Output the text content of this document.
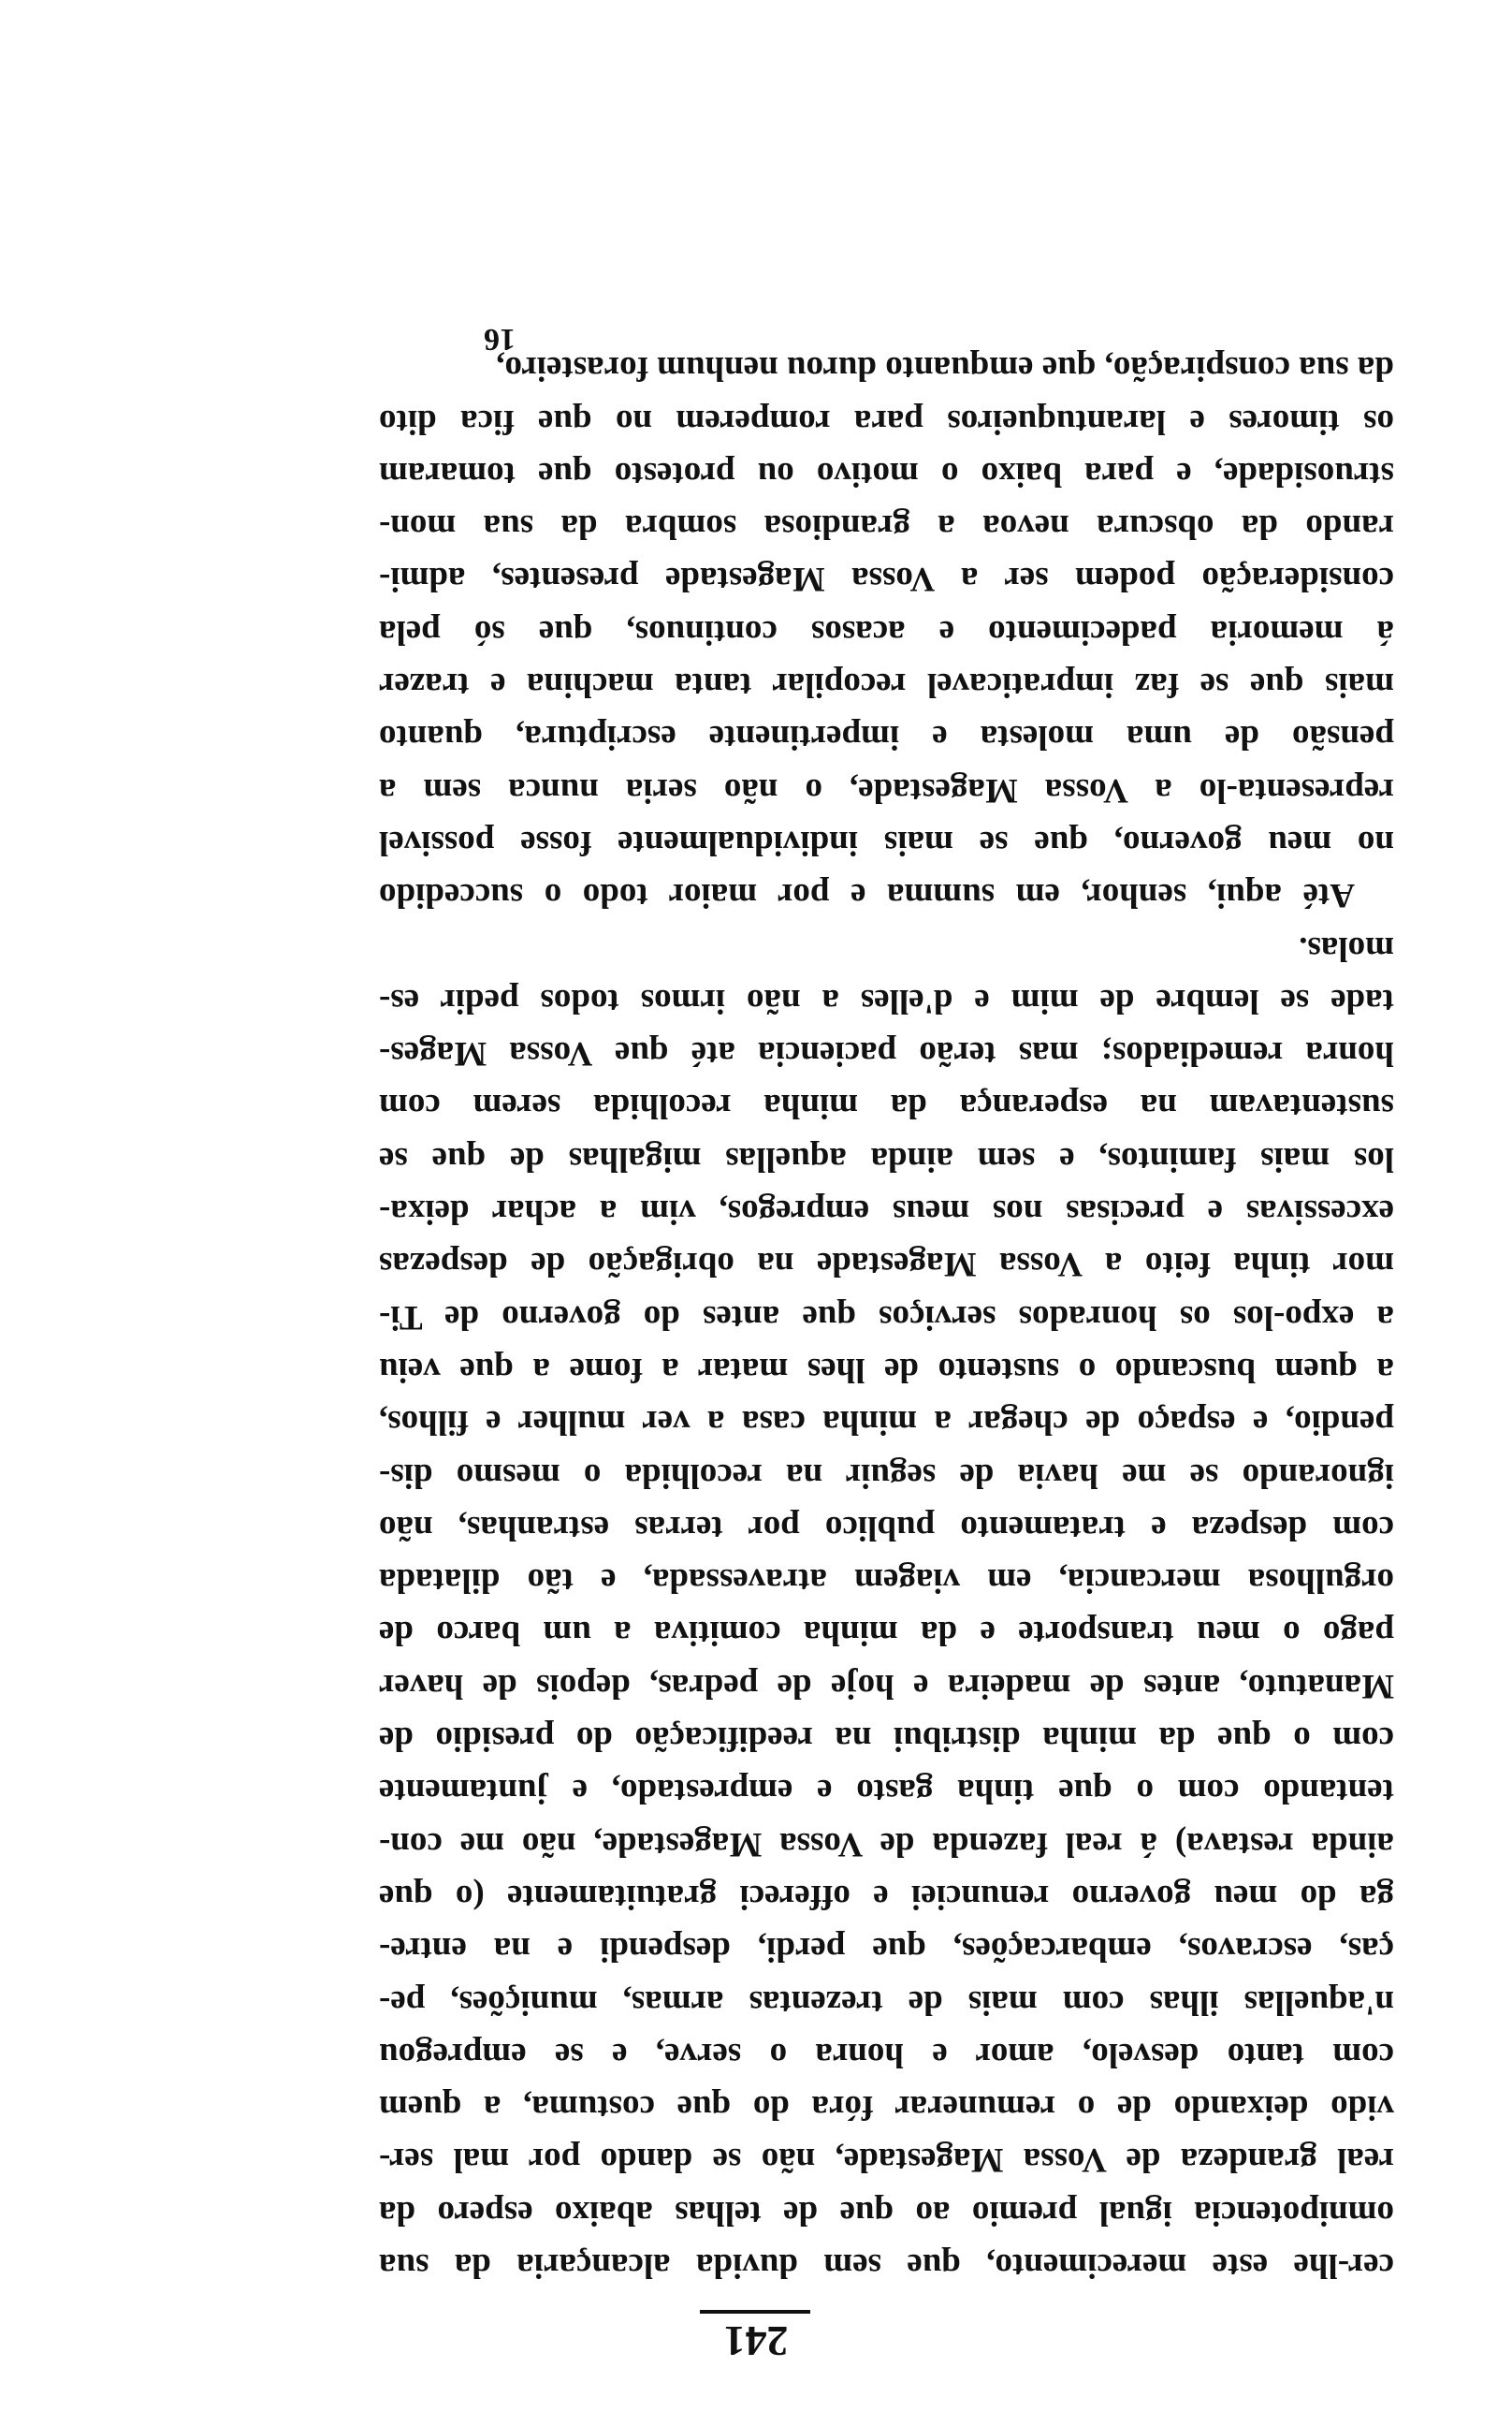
241
cer-lhe este merecimento, que sem duvida alcançaria da sua
omnipotencia igual premio ao que de telhas abaixo espero da
real grandeza de Vossa Magestade, não se dando por mal ser-
vido deixando de o remunerar fóra do que costuma, a quem
com tanto desvelo, amor e honra o serve, e se empregou
n'aquellas ilhas com mais de trezentas armas, munições, pe-
ças, escravos, embarcações, que perdi, despendi e na entre-
ga do meu governo renunciei e offereci gratuitamente (o que
ainda restava) á real fazenda de Vossa Magestade, não me con-
tentando com o que tinha gasto e emprestado, e juntamente
com o que da minha distribui na reedificação do presidio de
Manatuto, antes de madeira e hoje de pedras, depois de haver
pago o meu transporte e da minha comitiva a um barco de
orgulhosa mercancia, em viagem atravessada, e tão dilatada
com despeza e tratamento publico por terras estranhas, não
ignorando se me havia de seguir na recolhida o mesmo dis-
pendio, e espaço de chegar a minha casa a ver mulher e filhos,
a quem buscando o sustento de lhes matar a fome a que veiu
a expo-los os honrados serviços que antes do governo de Ti-
mor tinha feito a Vossa Magestade na obrigação de despezas
excessivas e precisas nos meus empregos, vim a achar deixa-
los mais famintos, e sem ainda aquellas migalhas de que se
sustentavam na esperança da minha recolhida serem com
honra remediados; mas terão paciencia até que Vossa Mages-
tade se lembre de mim e d'elles a não irmos todos pedir es-
molas.
Até aqui, senhor, em summa e por maior todo o succedido
no meu governo, que se mais individualmente fosse possivel
representa-lo a Vossa Magestade, o não seria nunca sem a
pensão de uma molesta e impertinente escriptura, quanto
mais que se faz impraticavel recopilar tanta machina e trazer
á memoria padecimento e acasos continuos, que só pela
consideração podem ser a Vossa Magestade presentes, admi-
rando da obscura nevoa a grandiosa sombra da sua mon-
struosidade, e para baixo o motivo ou protesto que tomaram
os timores e larantuqueiros para romperem no que fica dito
da sua conspiração, que emquanto durou nenhum forasteiro,
16
